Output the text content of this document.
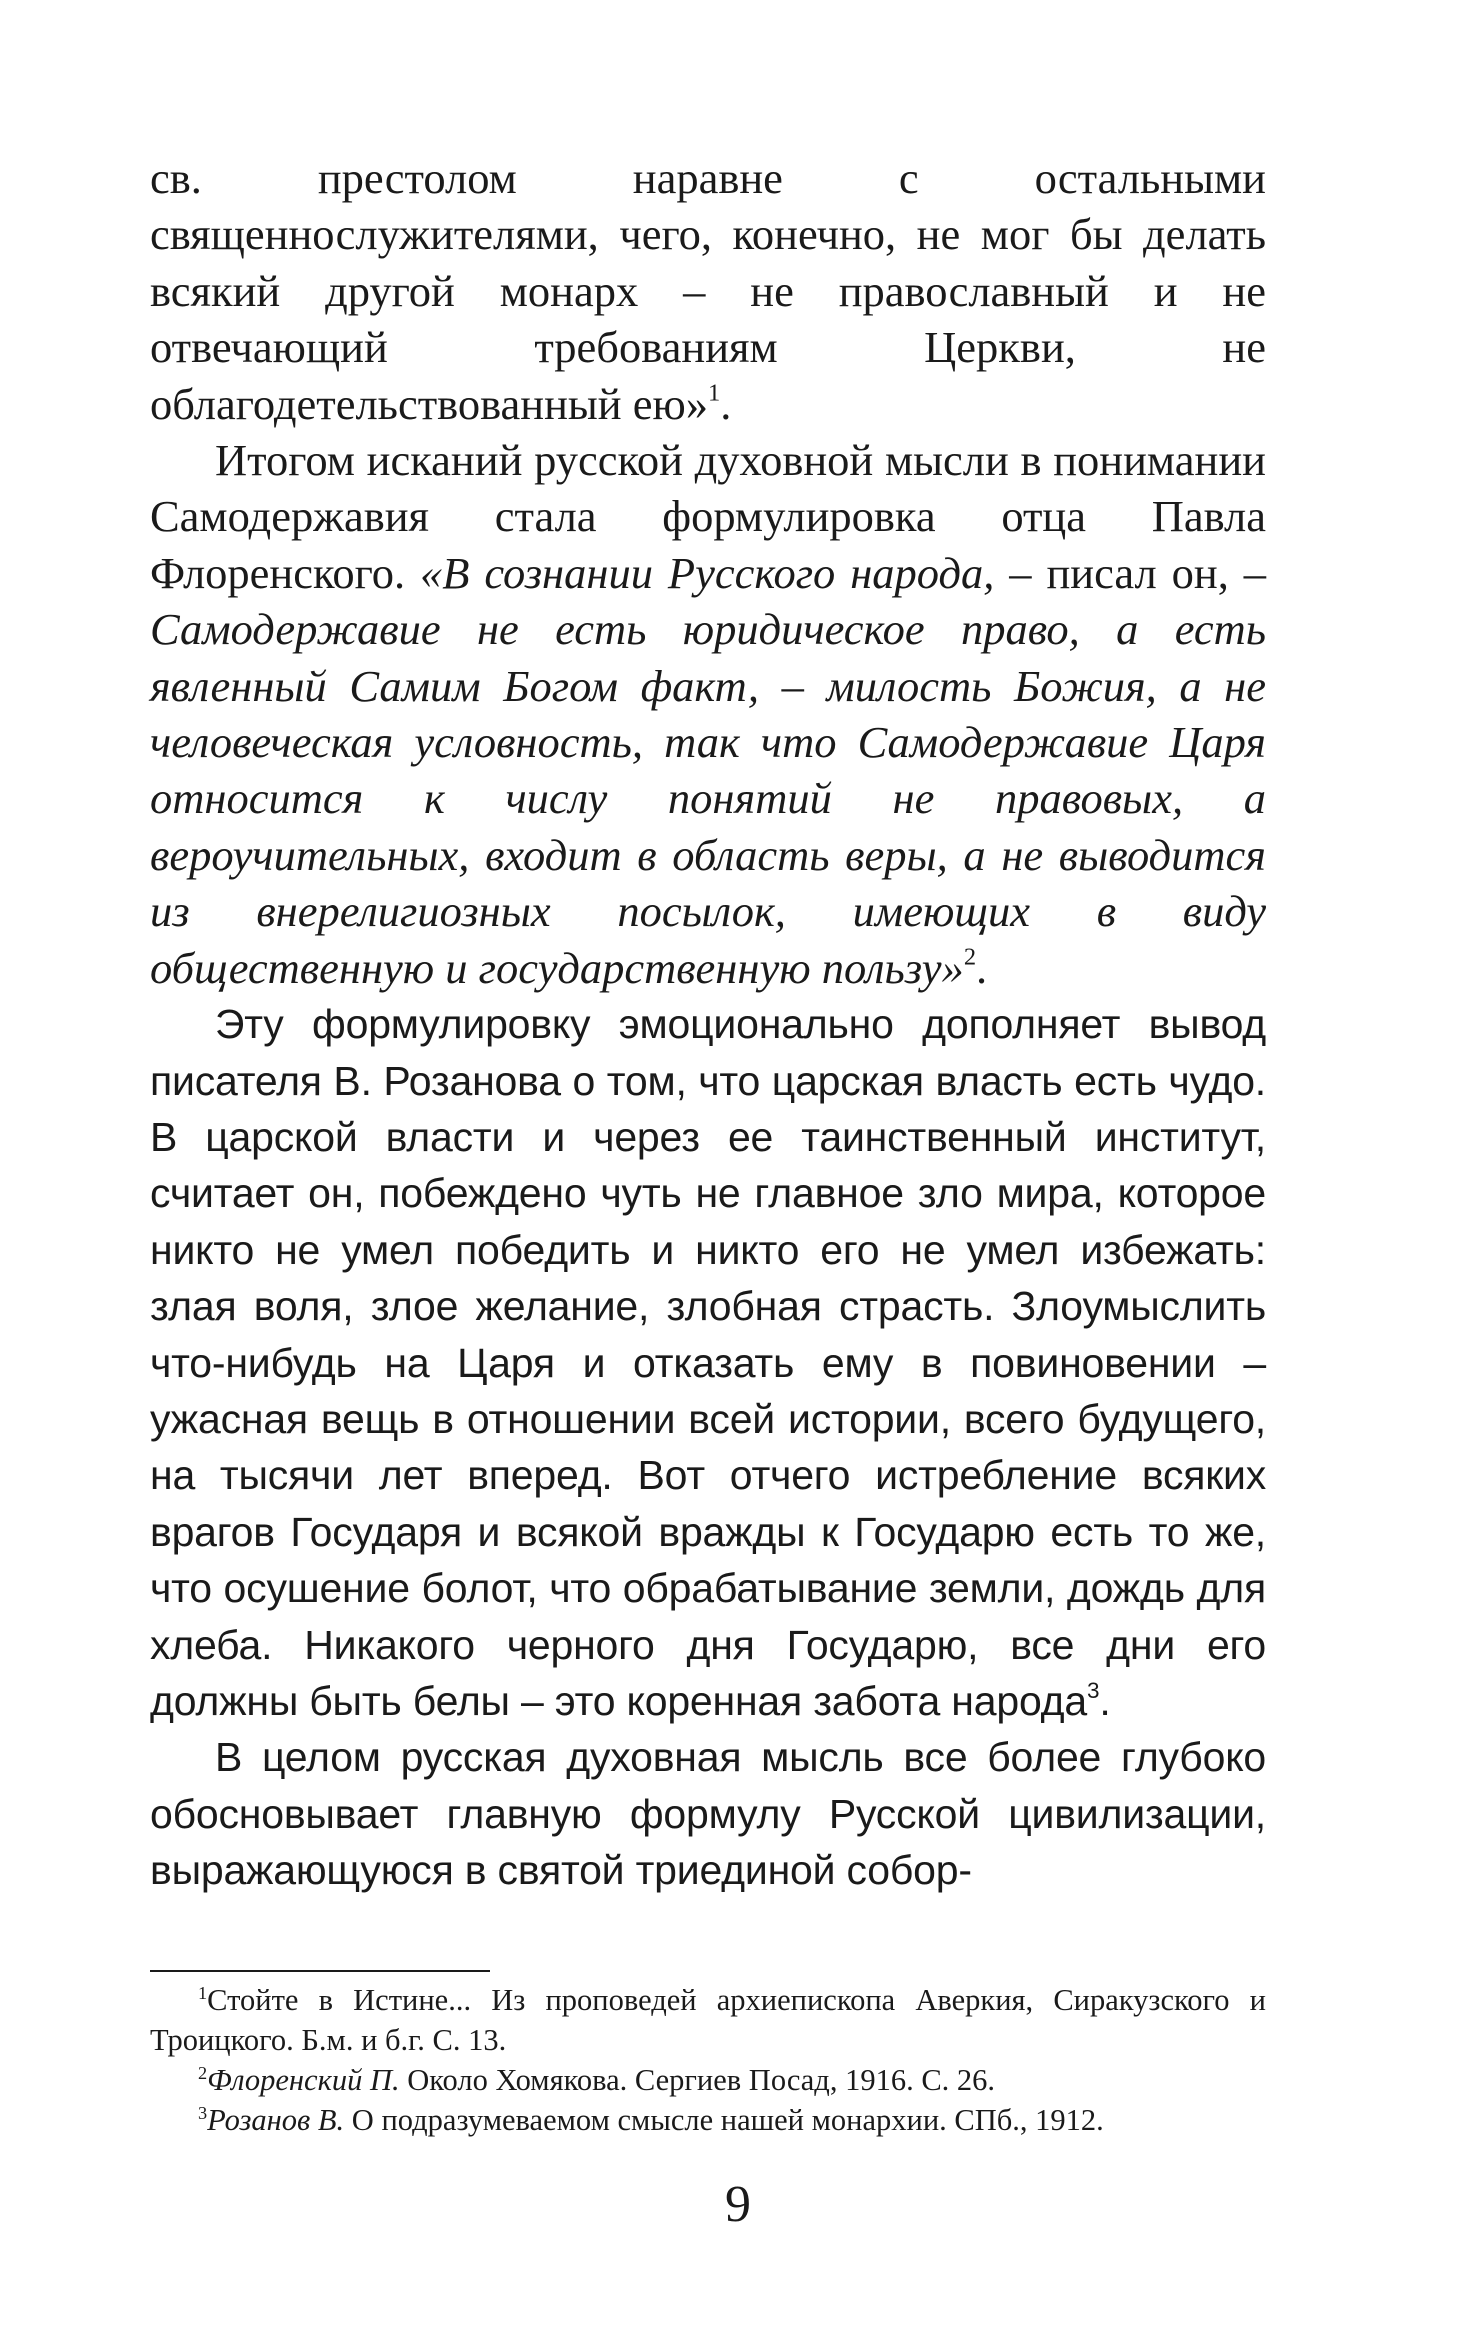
св. престолом наравне с остальными священнослужителями, чего, конечно, не мог бы делать всякий другой монарх – не православный и не отвечающий требованиям Церкви, не облагодетельствованный ею»$^1$.

Итогом исканий русской духовной мысли в понимании Самодержавия стала формулировка отца Павла Флоренского. «В сознании Русского народа, – писал он, – Самодержавие не есть юридическое право, а есть явленный Самим Богом факт, – милость Божия, а не человеческая условность, так что Самодержавие Царя относится к числу понятий не правовых, а вероучительных, входит в область веры, а не выводится из внерелигиозных посылок, имеющих в виду общественную и государственную пользу»$^2$.

Эту формулировку эмоционально дополняет вывод писателя В. Розанова о том, что царская власть есть чудо. В царской власти и через ее таинственный институт, считает он, побеждено чуть не главное зло мира, которое никто не умел победить и никто его не умел избежать: злая воля, злое желание, злобная страсть. Злоумыслить что-нибудь на Царя и отказать ему в повиновении – ужасная вещь в отношении всей истории, всего будущего, на тысячи лет вперед. Вот отчего истребление всяких врагов Государя и всякой вражды к Государю есть то же, что осушение болот, что обрабатывание земли, дождь для хлеба. Никакого черного дня Государю, все дни его должны быть белы – это коренная забота народа$^3$.

В целом русская духовная мысль все более глубоко обосновывает главную формулу Русской цивилизации, выражающуюся в святой триединой собор-

$^1$Стойте в Истине... Из проповедей архиепископа Аверкия, Сиракузского и Троицкого. Б.м. и б.г. С. 13.

$^2$Флоренский П. Около Хомякова. Сергиев Посад, 1916. С. 26.

$^3$Розанов В. О подразумеваемом смысле нашей монархии. СПб., 1912.

9
